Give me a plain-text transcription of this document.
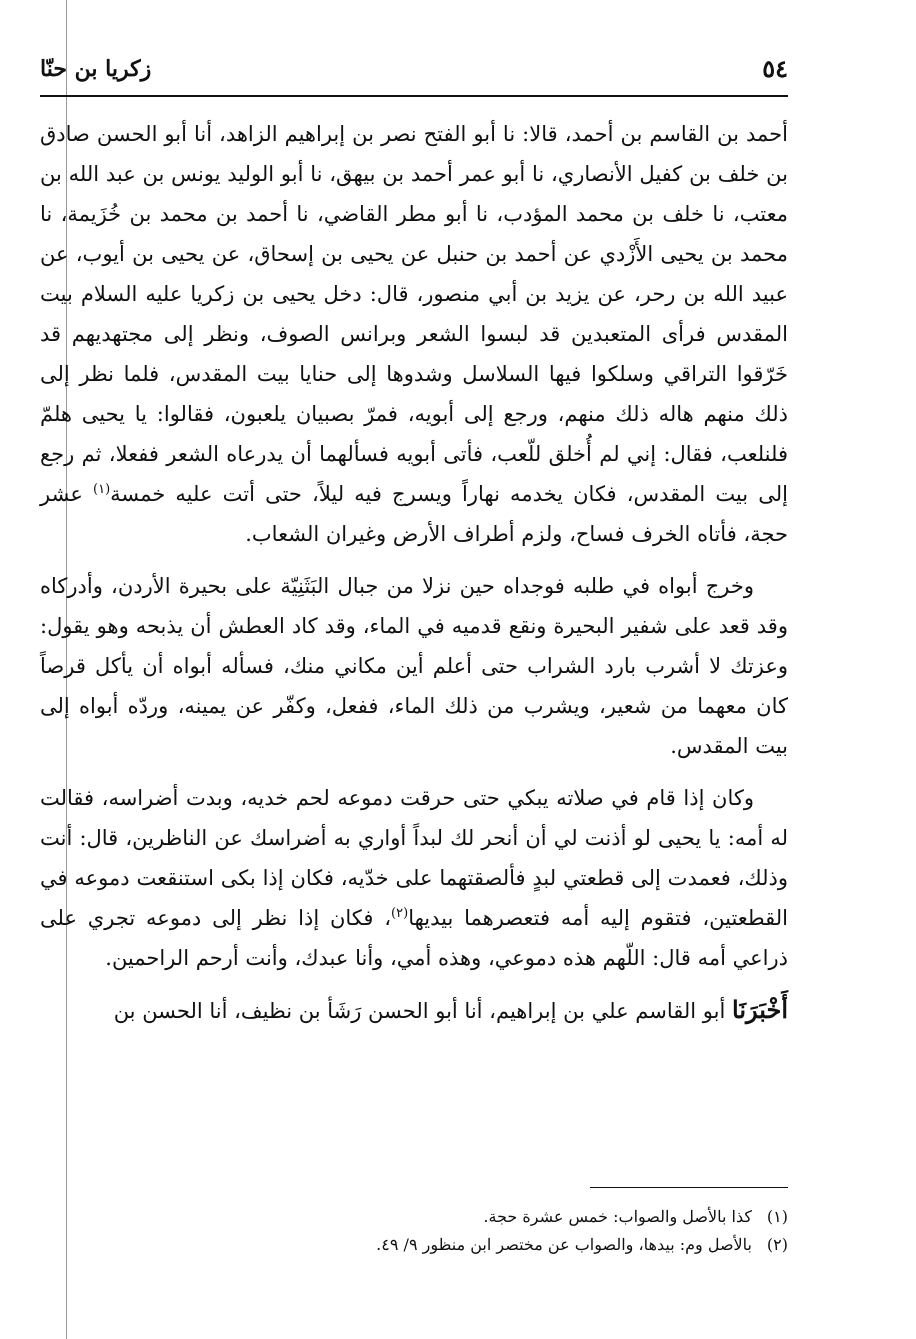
٥٤
زكريا بن حنّا

أحمد بن القاسم بن أحمد، قالا: نا أبو الفتح نصر بن إبراهيم الزاهد، أنا أبو الحسن صادق بن خلف بن كفيل الأنصاري، نا أبو عمر أحمد بن بيهق، نا أبو الوليد يونس بن عبد الله بن معتب، نا خلف بن محمد المؤدب، نا أبو مطر القاضي، نا أحمد بن محمد بن خُزَيمة، نا محمد بن يحيى الأَزْدي عن أحمد بن حنبل عن يحيى بن إسحاق، عن يحيى بن أيوب، عن عبيد الله بن رحر، عن يزيد بن أبي منصور، قال: دخل يحيى بن زكريا عليه السلام بيت المقدس فرأى المتعبدين قد لبسوا الشعر وبرانس الصوف، ونظر إلى مجتهديهم قد خَرّقوا التراقي وسلكوا فيها السلاسل وشدوها إلى حنايا بيت المقدس، فلما نظر إلى ذلك منهم هاله ذلك منهم، ورجع إلى أبويه، فمرّ بصبيان يلعبون، فقالوا: يا يحيى هلمّ فلنلعب، فقال: إني لم أُخلق للّعب، فأتى أبويه فسألهما أن يدرعاه الشعر ففعلا، ثم رجع إلى بيت المقدس، فكان يخدمه نهاراً ويسرج فيه ليلاً، حتى أتت عليه خمسة$^{(١)}$ عشر حجة، فأتاه الخرف فساح، ولزم أطراف الأرض وغيران الشعاب.

وخرج أبواه في طلبه فوجداه حين نزلا من جبال البَثَنِيّة على بحيرة الأردن، وأدركاه وقد قعد على شفير البحيرة ونقع قدميه في الماء، وقد كاد العطش أن يذبحه وهو يقول: وعزتك لا أشرب بارد الشراب حتى أعلم أين مكاني منك، فسأله أبواه أن يأكل قرصاً كان معهما من شعير، ويشرب من ذلك الماء، ففعل، وكفّر عن يمينه، وردّه أبواه إلى بيت المقدس.

وكان إذا قام في صلاته يبكي حتى حرقت دموعه لحم خديه، وبدت أضراسه، فقالت له أمه: يا يحيى لو أذنت لي أن أنحر لك لبداً أواري به أضراسك عن الناظرين، قال: أنت وذلك، فعمدت إلى قطعتي لبدٍ فألصقتهما على خدّيه، فكان إذا بكى استنقعت دموعه في القطعتين، فتقوم إليه أمه فتعصرهما بيديها$^{(٢)}$، فكان إذا نظر إلى دموعه تجري على ذراعي أمه قال: اللّهم هذه دموعي، وهذه أمي، وأنا عبدك، وأنت أرحم الراحمين.

أَخْبَرَنَا أبو القاسم علي بن إبراهيم، أنا أبو الحسن رَشَأ بن نظيف، أنا الحسن بن

(١)
كذا بالأصل والصواب: خمس عشرة حجة.
(٢)
بالأصل وم: بيدها، والصواب عن مختصر ابن منظور ٩/ ٤٩.
